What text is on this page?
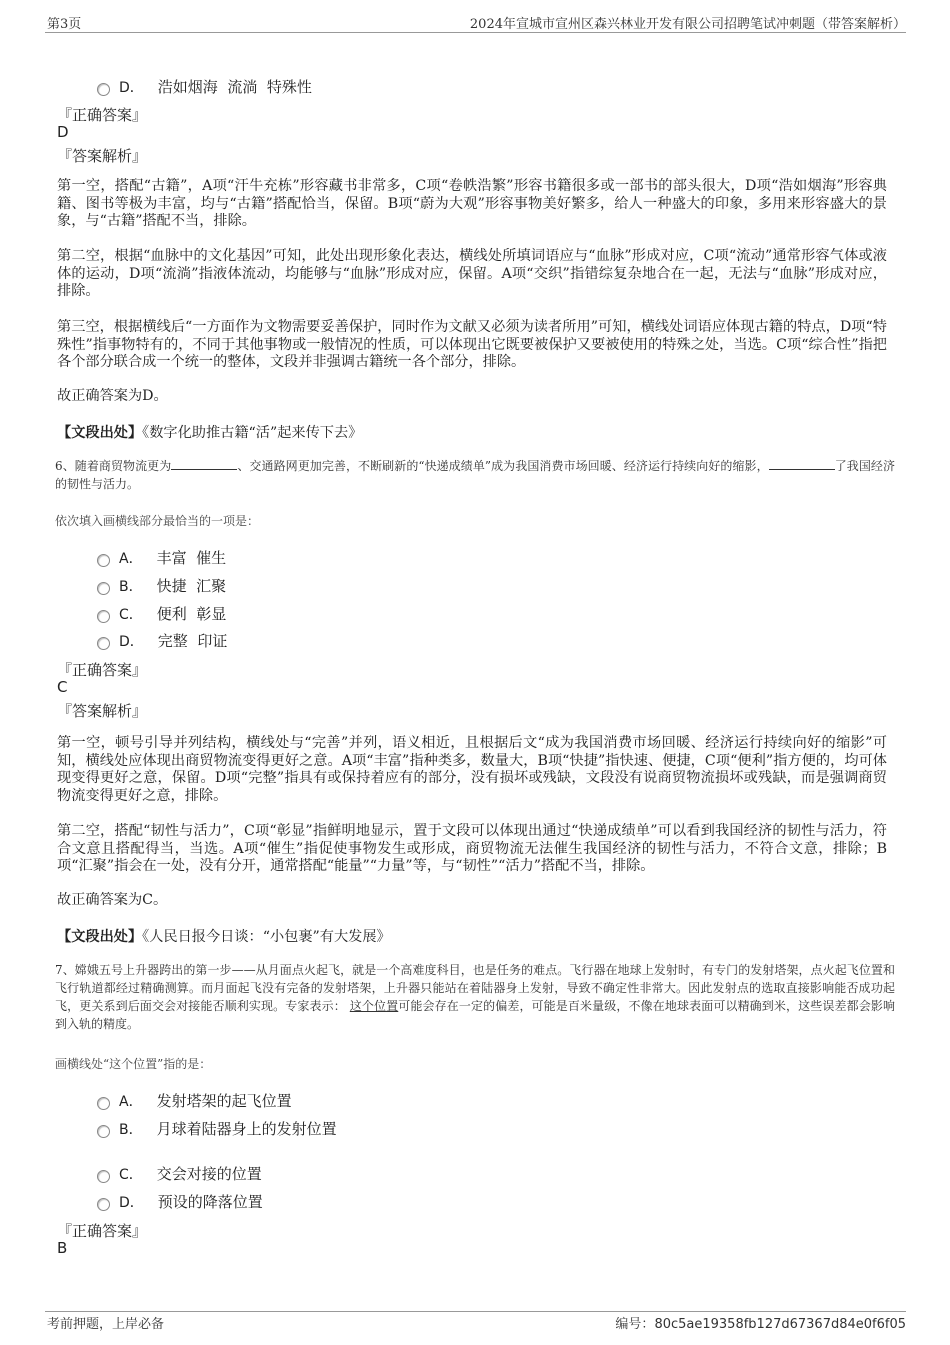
第3页	2024年宣城市宣州区森兴林业开发有限公司招聘笔试冲刺题（带答案解析）
D． 浩如烟海  流淌  特殊性
『正确答案』
D
『答案解析』
第一空，搭配“古籍”，A项“汗牛充栋”形容藏书非常多，C项“卷帙浩繁”形容书籍很多或一部书的部头很大，D项“浩如烟海”形容典籍、图书等极为丰富，均与“古籍”搭配恰当，保留。B项“蔚为大观”形容事物美好繁多，给人一种盛大的印象，多用来形容盛大的景象，与“古籍”搭配不当，排除。
第二空，根据“血脉中的文化基因”可知，此处出现形象化表达，横线处所填词语应与“血脉”形成对应，C项“流动”通常形容气体或液体的运动，D项“流淌”指液体流动，均能够与“血脉”形成对应，保留。A项“交织”指错综复杂地合在一起，无法与“血脉”形成对应，排除。
第三空，根据横线后“一方面作为文物需要妥善保护，同时作为文献又必须为读者所用”可知，横线处词语应体现古籍的特点，D项“特殊性”指事物特有的，不同于其他事物或一般情况的性质，可以体现出它既要被保护又要被使用的特殊之处，当选。C项“综合性”指把各个部分联合成一个统一的整体，文段并非强调古籍统一各个部分，排除。
故正确答案为D。
【文段出处】《数字化助推古籍“活”起来传下去》
6、随着商贸物流更为	、交通路网更加完善，不断刷新的“快递成绩单”成为我国消费市场回暖、经济运行持续向好的缩影，	了我国经济的韧性与活力。
依次填入画横线部分最恰当的一项是：
A． 丰富  催生
B． 快捷  汇聚
C． 便利  彰显
D． 完整  印证
『正确答案』
C
『答案解析』
第一空，顿号引导并列结构，横线处与“完善”并列，语义相近，且根据后文“成为我国消费市场回暖、经济运行持续向好的缩影”可知，横线处应体现出商贸物流变得更好之意。A项“丰富”指种类多，数量大，B项“快捷”指快速、便捷，C项“便利”指方便的，均可体现变得更好之意，保留。D项“完整”指具有或保持着应有的部分，没有损坏或残缺，文段没有说商贸物流损坏或残缺，而是强调商贸物流变得更好之意，排除。
第二空，搭配“韧性与活力”，C项“彰显”指鲜明地显示，置于文段可以体现出通过“快递成绩单”可以看到我国经济的韧性与活力，符合文意且搭配得当，当选。A项“催生”指促使事物发生或形成，商贸物流无法催生我国经济的韧性与活力，不符合文意，排除；B项“汇聚”指会在一处，没有分开，通常搭配“能量”“力量”等，与“韧性”“活力”搭配不当，排除。
故正确答案为C。
【文段出处】《人民日报今日谈：“小包裹”有大发展》
7、嫦娥五号上升器跨出的第一步——从月面点火起飞，就是一个高难度科目，也是任务的难点。飞行器在地球上发射时，有专门的发射塔架，点火起飞位置和飞行轨道都经过精确测算。而月面起飞没有完备的发射塔架，上升器只能站在着陆器身上发射，导致不确定性非常大。因此发射点的选取直接影响能否成功起飞，更关系到后面交会对接能否顺利实现。专家表示： 这个位置可能会存在一定的偏差，可能是百米量级，不像在地球表面可以精确到米，这些误差都会影响到入轨的精度。
画横线处“这个位置”指的是：
A． 发射塔架的起飞位置
B． 月球着陆器身上的发射位置
C． 交会对接的位置
D． 预设的降落位置
『正确答案』
B
考前押题，上岸必备	编号：80c5ae19358fb127d67367d84e0f6f05
